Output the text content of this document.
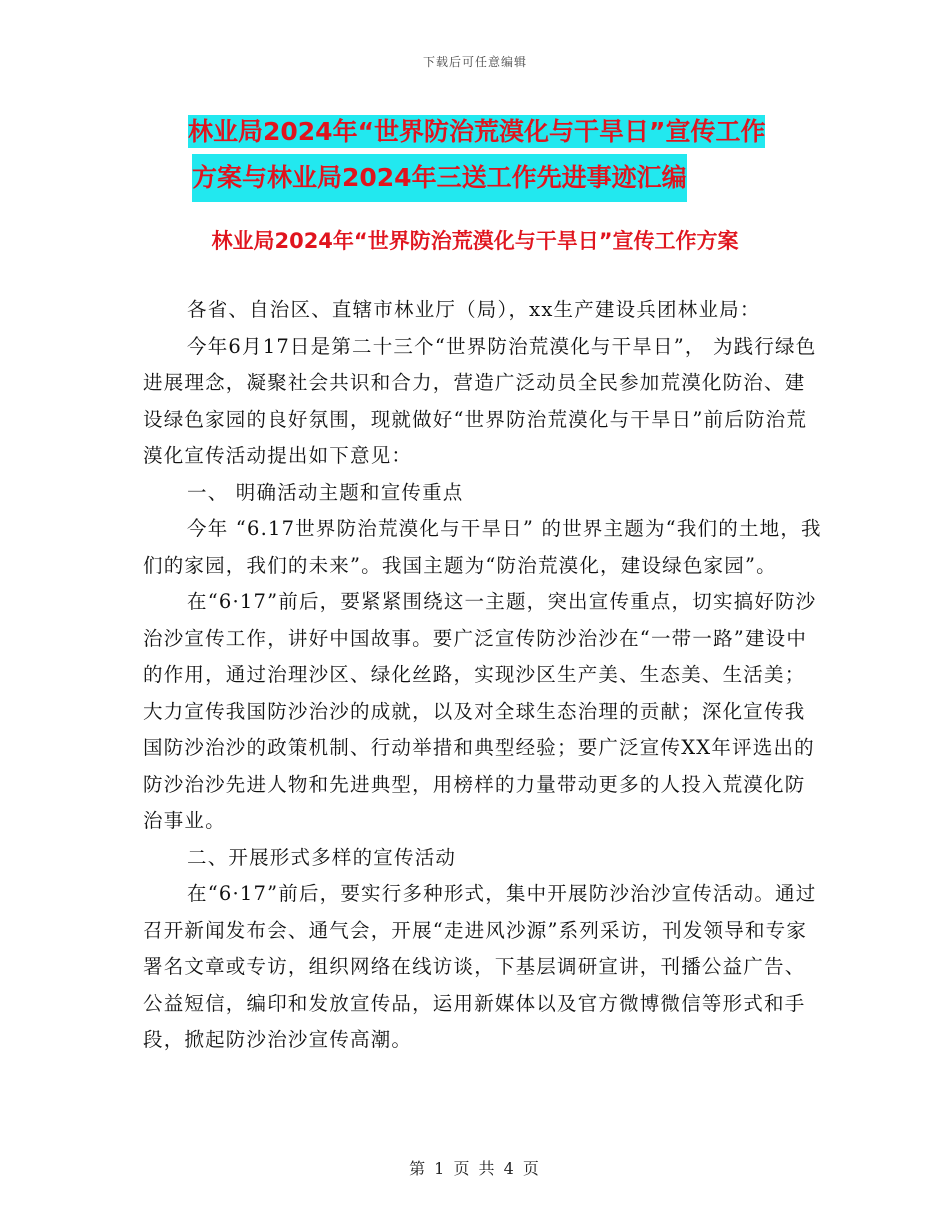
下载后可任意编辑
林业局2024年“世界防治荒漠化与干旱日”宣传工作
方案与林业局2024年三送工作先进事迹汇编
林业局2024年“世界防治荒漠化与干旱日”宣传工作方案

各省、自治区、直辖市林业厅（局），xx生产建设兵团林业局：

今年6月17日是第二十三个“世界防治荒漠化与干旱日”， 为践行绿色进展理念，凝聚社会共识和合力，营造广泛动员全民参加荒漠化防治、建设绿色家园的良好氛围，现就做好“世界防治荒漠化与干旱日”前后防治荒漠化宣传活动提出如下意见：

一、 明确活动主题和宣传重点

今年 “6.17世界防治荒漠化与干旱日” 的世界主题为“我们的土地，我们的家园，我们的未来”。我国主题为“防治荒漠化，建设绿色家园”。

在“6·17”前后，要紧紧围绕这一主题，突出宣传重点，切实搞好防沙治沙宣传工作，讲好中国故事。要广泛宣传防沙治沙在“一带一路”建设中的作用，通过治理沙区、绿化丝路，实现沙区生产美、生态美、生活美；大力宣传我国防沙治沙的成就，以及对全球生态治理的贡献；深化宣传我国防沙治沙的政策机制、行动举措和典型经验；要广泛宣传XX年评选出的防沙治沙先进人物和先进典型，用榜样的力量带动更多的人投入荒漠化防治事业。

二、开展形式多样的宣传活动

在“6·17”前后，要实行多种形式，集中开展防沙治沙宣传活动。通过召开新闻发布会、通气会，开展“走进风沙源”系列采访，刊发领导和专家署名文章或专访，组织网络在线访谈，下基层调研宣讲，刊播公益广告、公益短信，编印和发放宣传品，运用新媒体以及官方微博微信等形式和手段，掀起防沙治沙宣传高潮。

第 1 页 共 4 页
